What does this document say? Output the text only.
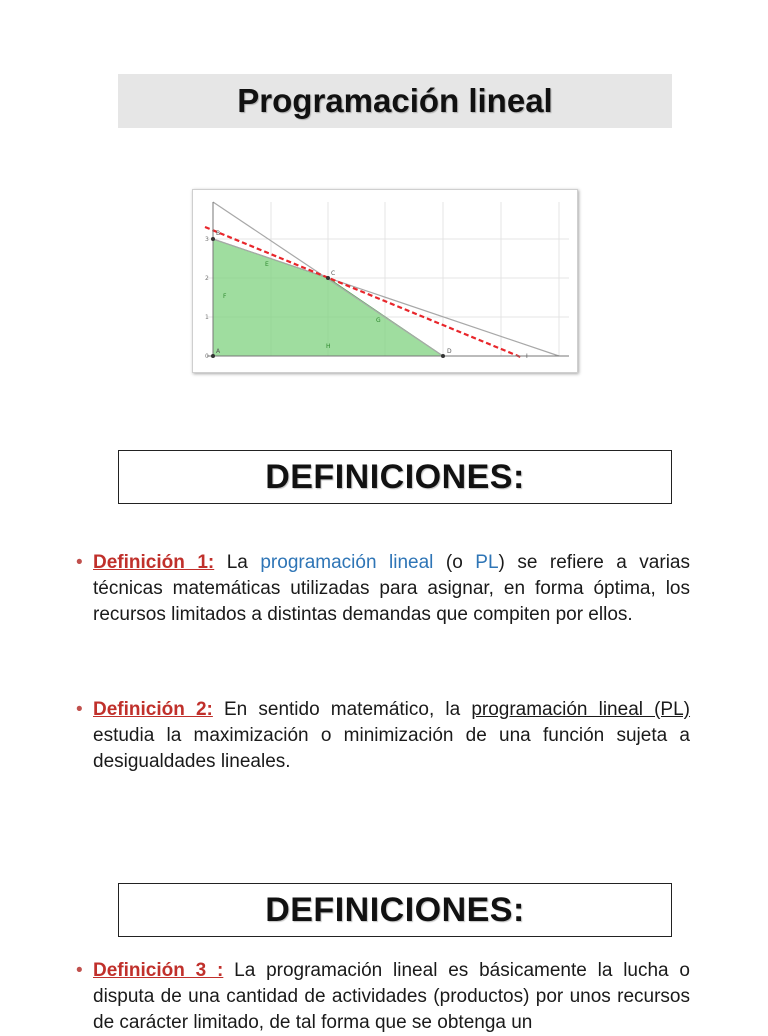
Programación lineal
3
2
1
0
B
A	D
C
E
F
G
H
I
DEFINICIONES:
• Definición 1: La programación lineal (o PL) se refiere a varias técnicas matemáticas utilizadas para asignar, en forma óptima, los recursos limitados a distintas demandas que compiten por ellos.
• Definición 2: En sentido matemático, la programación lineal (PL) estudia la maximización o minimización de una función sujeta a desigualdades lineales.
DEFINICIONES:
• Definición 3 : La programación lineal es básicamente la lucha o disputa de una cantidad de actividades (productos) por unos recursos de carácter limitado, de tal forma que se obtenga un
